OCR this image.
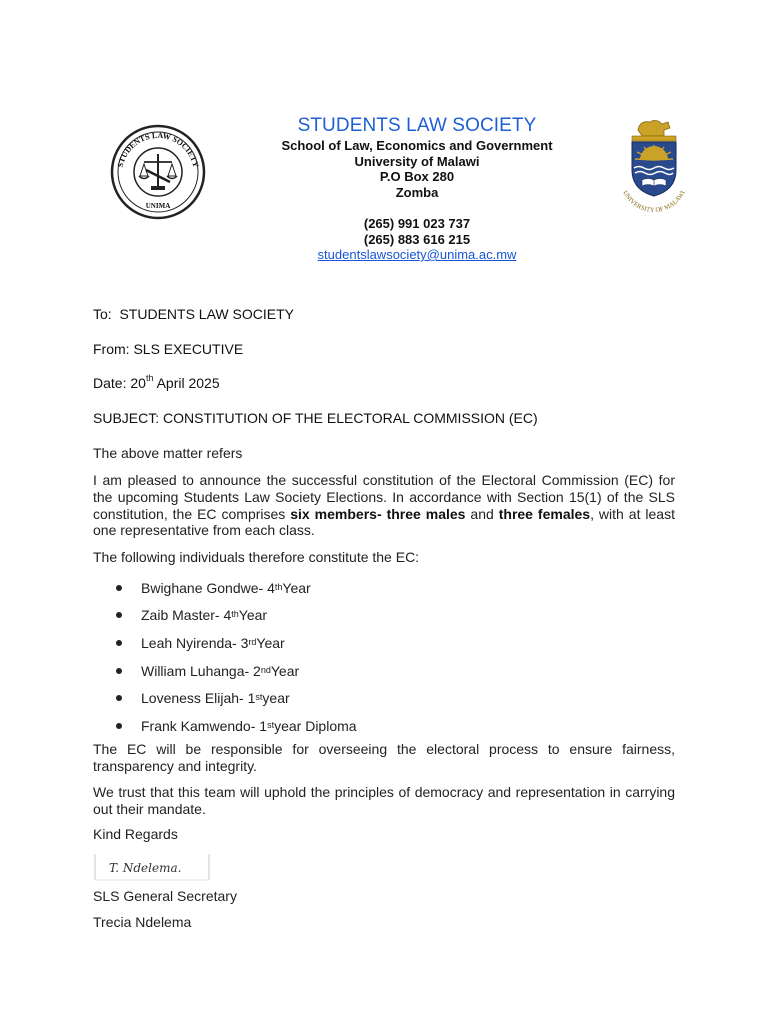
STUDENTS LAW SOCIETY
UNIMA
STUDENTS LAW SOCIETY
School of Law, Economics and Government
University of Malawi
P.O Box 280
Zomba
(265) 991 023 737
(265) 883 616 215
studentslawsociety@unima.ac.mw
UNIVERSITY OF MALAWI
To: STUDENTS LAW SOCIETY
From: SLS EXECUTIVE
Date: 20th April 2025
SUBJECT: CONSTITUTION OF THE ELECTORAL COMMISSION (EC)
The above matter refers
I am pleased to announce the successful constitution of the Electoral Commission (EC) for the upcoming Students Law Society Elections. In accordance with Section 15(1) of the SLS constitution, the EC comprises six members- three males and three females, with at least one representative from each class.
The following individuals therefore constitute the EC:
Bwighane Gondwe- 4th Year
Zaib Master- 4th Year
Leah Nyirenda- 3rd Year
William Luhanga- 2nd Year
Loveness Elijah- 1st year
Frank Kamwendo- 1st year Diploma
The EC will be responsible for overseeing the electoral process to ensure fairness, transparency and integrity.
We trust that this team will uphold the principles of democracy and representation in carrying out their mandate.
Kind Regards
T. Ndelema.
SLS General Secretary
Trecia Ndelema
